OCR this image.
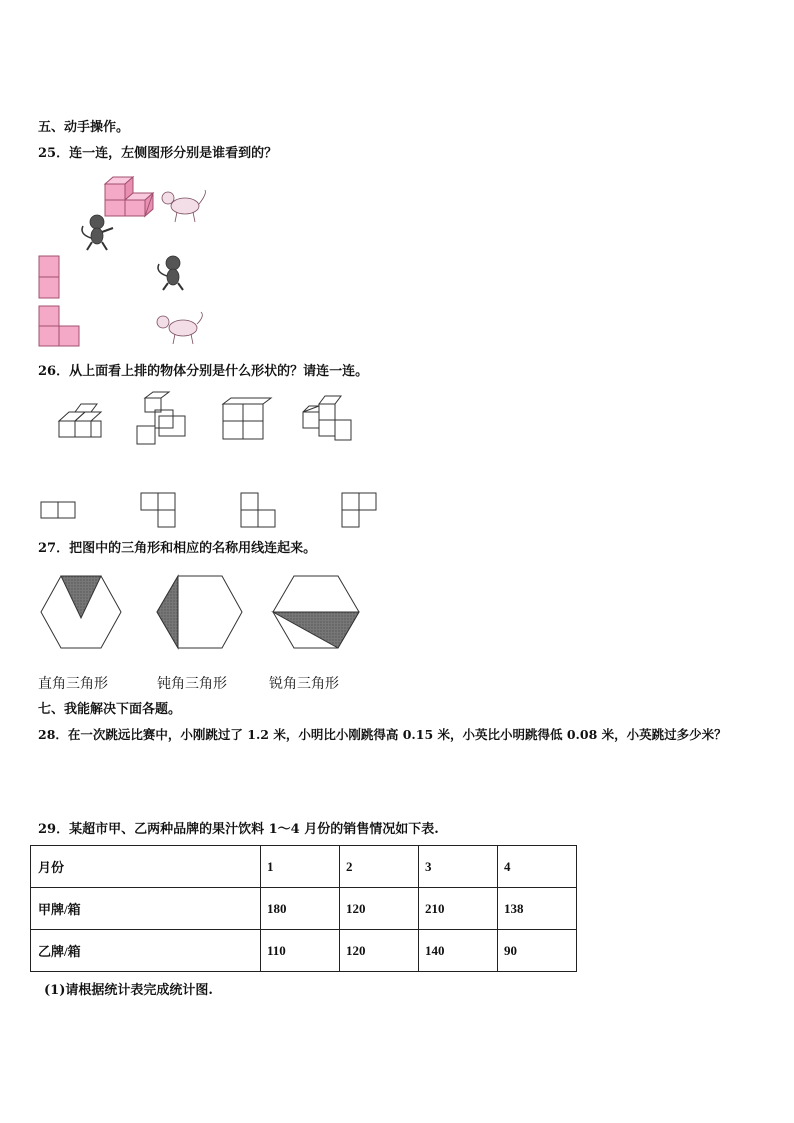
五、动手操作。
25．连一连，左侧图形分别是谁看到的？
26．从上面看上排的物体分别是什么形状的？请连一连。
27．把图中的三角形和相应的名称用线连起来。
直角三角形	钝角三角形	锐角三角形
七、我能解决下面各题。
28．在一次跳远比赛中，小刚跳过了 1.2 米，小明比小刚跳得高 0.15 米，小英比小明跳得低 0.08 米，小英跳过多少米？
29．某超市甲、乙两种品牌的果汁饮料 1～4 月份的销售情况如下表.
月份	1	2	3	4
甲牌/箱	180	120	210	138
乙牌/箱	110	120	140	90
(1)请根据统计表完成统计图.
